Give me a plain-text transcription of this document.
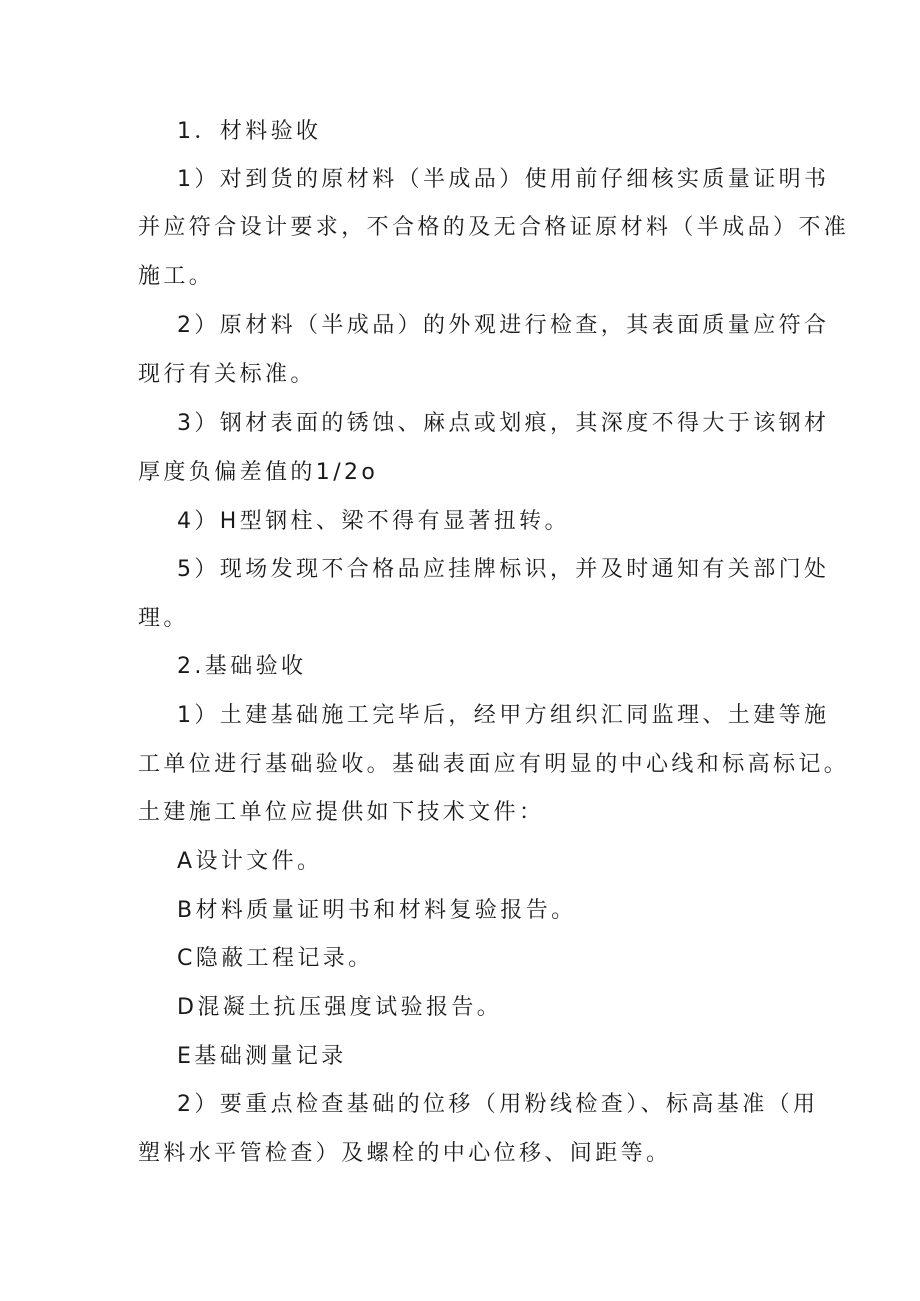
1．材料验收
1）对到货的原材料（半成品）使用前仔细核实质量证明书
并应符合设计要求，不合格的及无合格证原材料（半成品）不准
施工。
2）原材料（半成品）的外观进行检查，其表面质量应符合
现行有关标准。
3）钢材表面的锈蚀、麻点或划痕，其深度不得大于该钢材
厚度负偏差值的1/2o
4）H型钢柱、梁不得有显著扭转。
5）现场发现不合格品应挂牌标识，并及时通知有关部门处
理。
2.基础验收
1）土建基础施工完毕后，经甲方组织汇同监理、土建等施
工单位进行基础验收。基础表面应有明显的中心线和标高标记。
土建施工单位应提供如下技术文件：
A设计文件。
B材料质量证明书和材料复验报告。
C隐蔽工程记录。
D混凝土抗压强度试验报告。
E基础测量记录
2）要重点检查基础的位移（用粉线检查）、标高基准（用
塑料水平管检查）及螺栓的中心位移、间距等。
